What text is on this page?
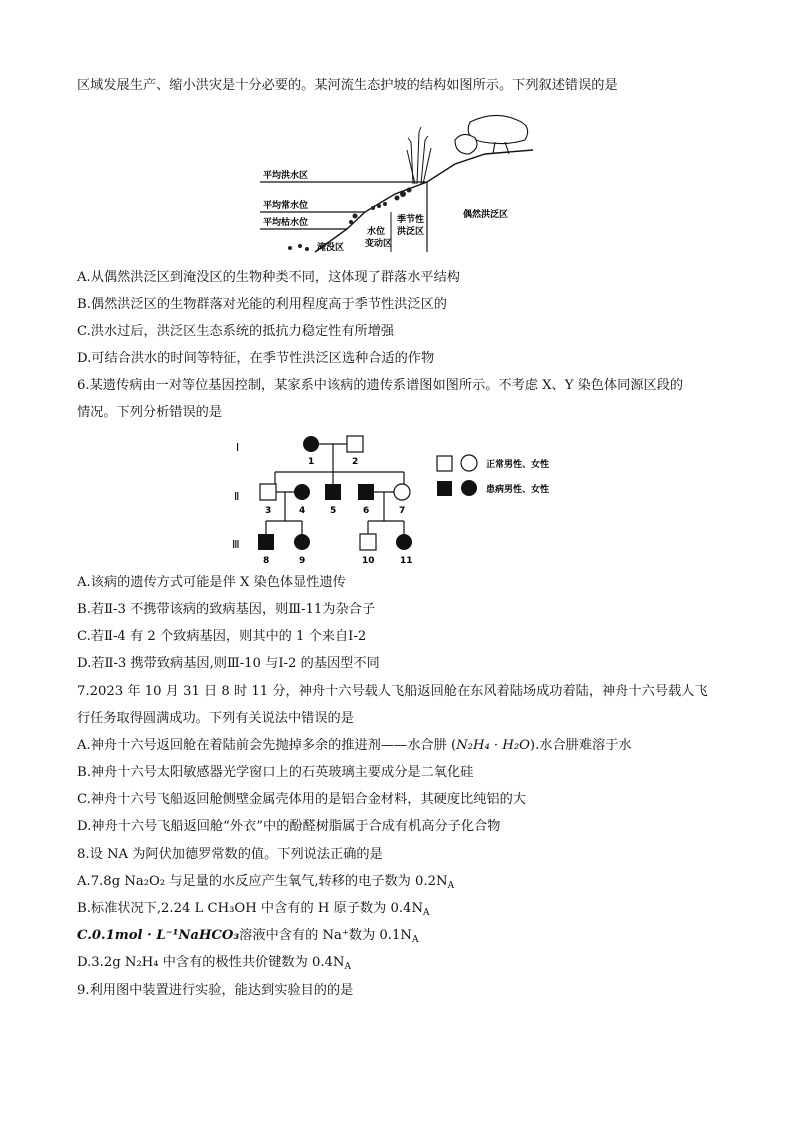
区域发展生产、缩小洪灾是十分必要的。某河流生态护坡的结构如图所示。下列叙述错误的是
平均洪水区
平均常水位
平均枯水位
淹没区
水位
变动区
季节性
洪泛区
偶然洪泛区
A.从偶然洪泛区到淹没区的生物种类不同，这体现了群落水平结构
B.偶然洪泛区的生物群落对光能的利用程度高于季节性洪泛区的
C.洪水过后，洪泛区生态系统的抵抗力稳定性有所增强
D.可结合洪水的时间等特征，在季节性洪泛区选种合适的作物
6.某遗传病由一对等位基因控制，某家系中该病的遗传系谱图如图所示。不考虑 X、Y 染色体同源区段的
情况。下列分析错误的是
Ⅰ
Ⅱ
Ⅲ
1	2
3	4	5	6	7
8	9	10	11
正常男性、女性
患病男性、女性
A.该病的遗传方式可能是伴 X 染色体显性遗传
B.若Ⅱ-3 不携带该病的致病基因，则Ⅲ-11为杂合子
C.若Ⅱ-4 有 2 个致病基因，则其中的 1 个来自Ⅰ-2
D.若Ⅱ-3 携带致病基因,则Ⅲ-10 与Ⅰ-2 的基因型不同
7.2023 年 10 月 31 日 8 时 11 分，神舟十六号载人飞船返回舱在东风着陆场成功着陆，神舟十六号载人飞
行任务取得圆满成功。下列有关说法中错误的是
A.神舟十六号返回舱在着陆前会先抛掉多余的推进剂——水合肼 (N₂H₄ · H₂O).水合肼难溶于水
B.神舟十六号太阳敏感器光学窗口上的石英玻璃主要成分是二氧化硅
C.神舟十六号飞船返回舱侧壁金属壳体用的是铝合金材料，其硬度比纯铝的大
D.神舟十六号飞船返回舱“外衣”中的酚醛树脂属于合成有机高分子化合物
8.设 NA 为阿伏加德罗常数的值。下列说法正确的是
A.7.8g Na₂O₂ 与足量的水反应产生氧气,转移的电子数为 $0.2N_A$
B.标准状况下,2.24 L CH₃OH 中含有的 H 原子数为 $0.4N_A$
C.0.1mol · L⁻¹NaHCO₃溶液中含有的 Na⁺数为 $0.1N_A$
D.3.2g N₂H₄ 中含有的极性共价键数为 $0.4N_A$
9.利用图中装置进行实验，能达到实验目的的是
